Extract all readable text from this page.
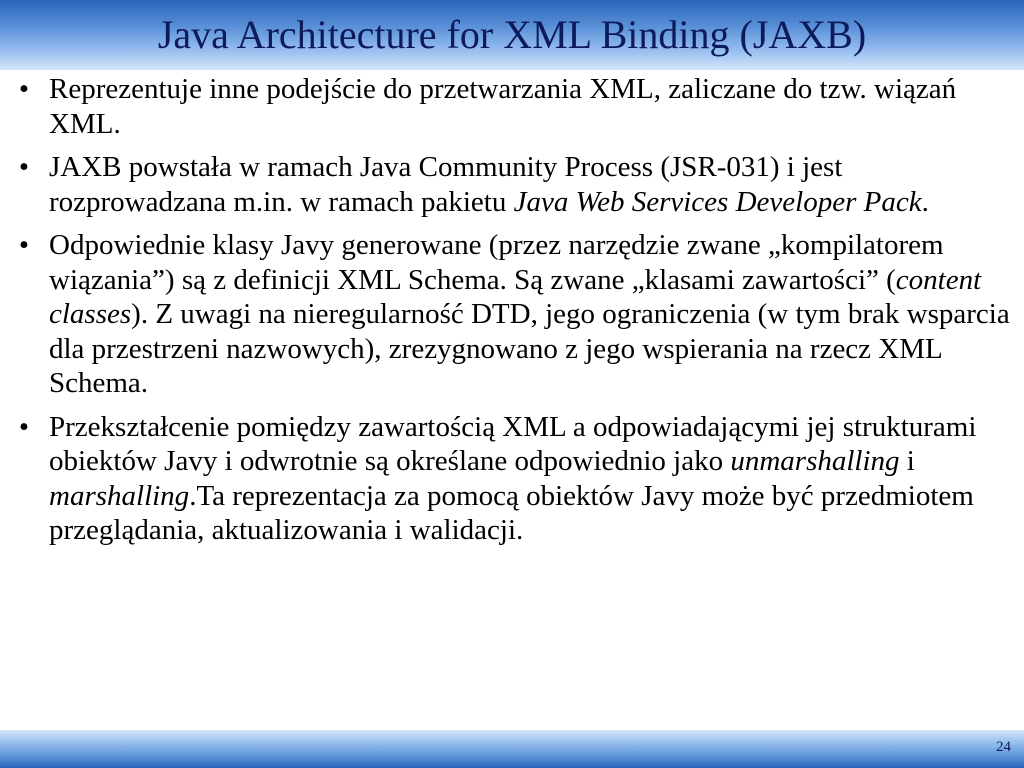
Java Architecture for XML Binding (JAXB)
• Reprezentuje inne podejście do przetwarzania XML, zaliczane do tzw. wiązań XML.
• JAXB powstała w ramach Java Community Process (JSR-031) i jest rozprowadzana m.in. w ramach pakietu Java Web Services Developer Pack.
• Odpowiednie klasy Javy generowane (przez narzędzie zwane „kompilatorem wiązania”) są z definicji XML Schema. Są zwane „klasami zawartości” (content classes). Z uwagi na nieregularność DTD, jego ograniczenia (w tym brak wsparcia dla przestrzeni nazwowych), zrezygnowano z jego wspierania na rzecz XML Schema.
• Przekształcenie pomiędzy zawartością XML a odpowiadającymi jej strukturami obiektów Javy i odwrotnie są określane odpowiednio jako unmarshalling i marshalling.Ta reprezentacja za pomocą obiektów Javy może być przedmiotem przeglądania, aktualizowania i walidacji.
24
